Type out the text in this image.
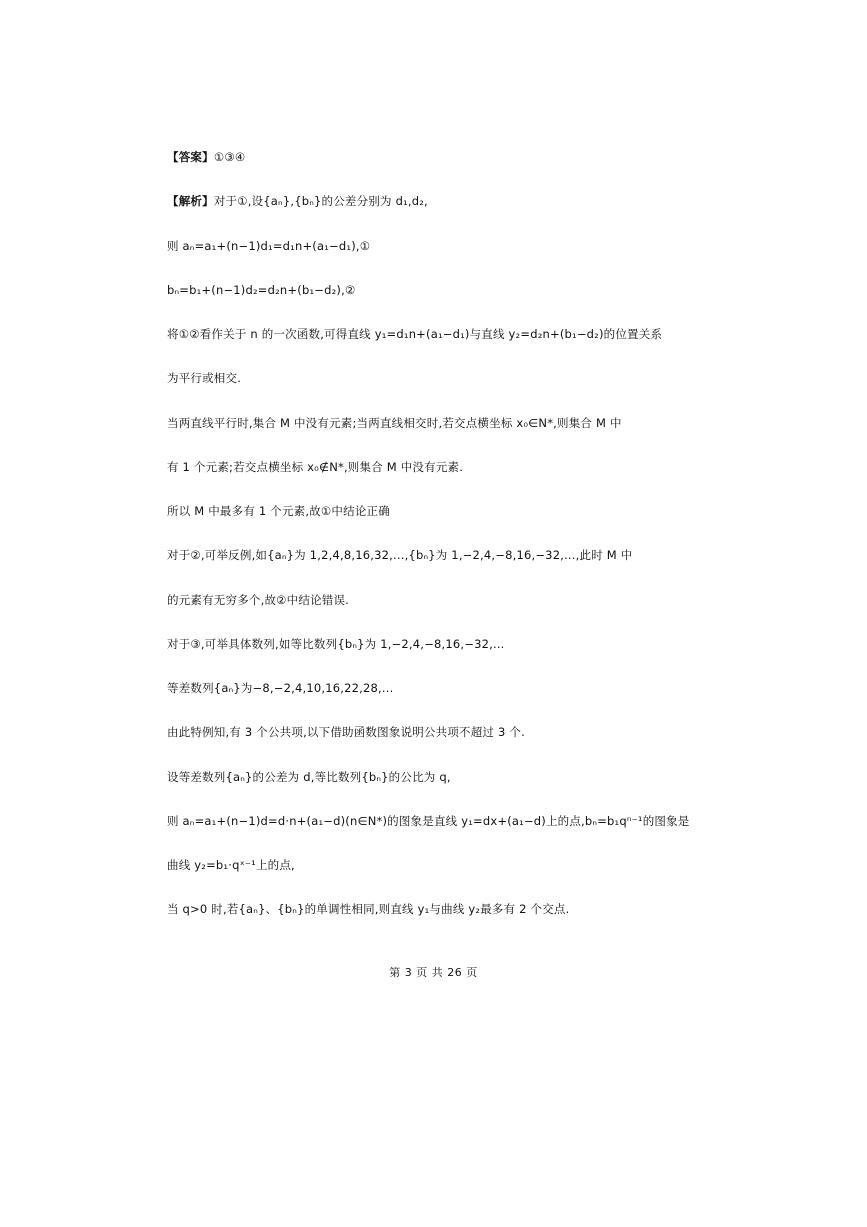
【答案】①③④
【解析】对于①,设{aₙ},{bₙ}的公差分别为 d₁,d₂,
则 aₙ=a₁+(n−1)d₁=d₁n+(a₁−d₁),①
bₙ=b₁+(n−1)d₂=d₂n+(b₁−d₂),②
将①②看作关于 n 的一次函数,可得直线 y₁=d₁n+(a₁−d₁)与直线 y₂=d₂n+(b₁−d₂)的位置关系
为平行或相交.
当两直线平行时,集合 M 中没有元素;当两直线相交时,若交点横坐标 x₀∈N*,则集合 M 中
有 1 个元素;若交点横坐标 x₀∉N*,则集合 M 中没有元素.
所以 M 中最多有 1 个元素,故①中结论正确
对于②,可举反例,如{aₙ}为 1,2,4,8,16,32,...,{bₙ}为 1,−2,4,−8,16,−32,...,此时 M 中
的元素有无穷多个,故②中结论错误.
对于③,可举具体数列,如等比数列{bₙ}为 1,−2,4,−8,16,−32,...
等差数列{aₙ}为−8,−2,4,10,16,22,28,...
由此特例知,有 3 个公共项,以下借助函数图象说明公共项不超过 3 个.
设等差数列{aₙ}的公差为 d,等比数列{bₙ}的公比为 q,
则 aₙ=a₁+(n−1)d=d·n+(a₁−d)(n∈N*)的图象是直线 y₁=dx+(a₁−d)上的点,bₙ=b₁qⁿ⁻¹的图象是
曲线 y₂=b₁·qˣ⁻¹上的点,
当 q>0 时,若{aₙ}、{bₙ}的单调性相同,则直线 y₁与曲线 y₂最多有 2 个交点.
第 3 页 共 26 页
